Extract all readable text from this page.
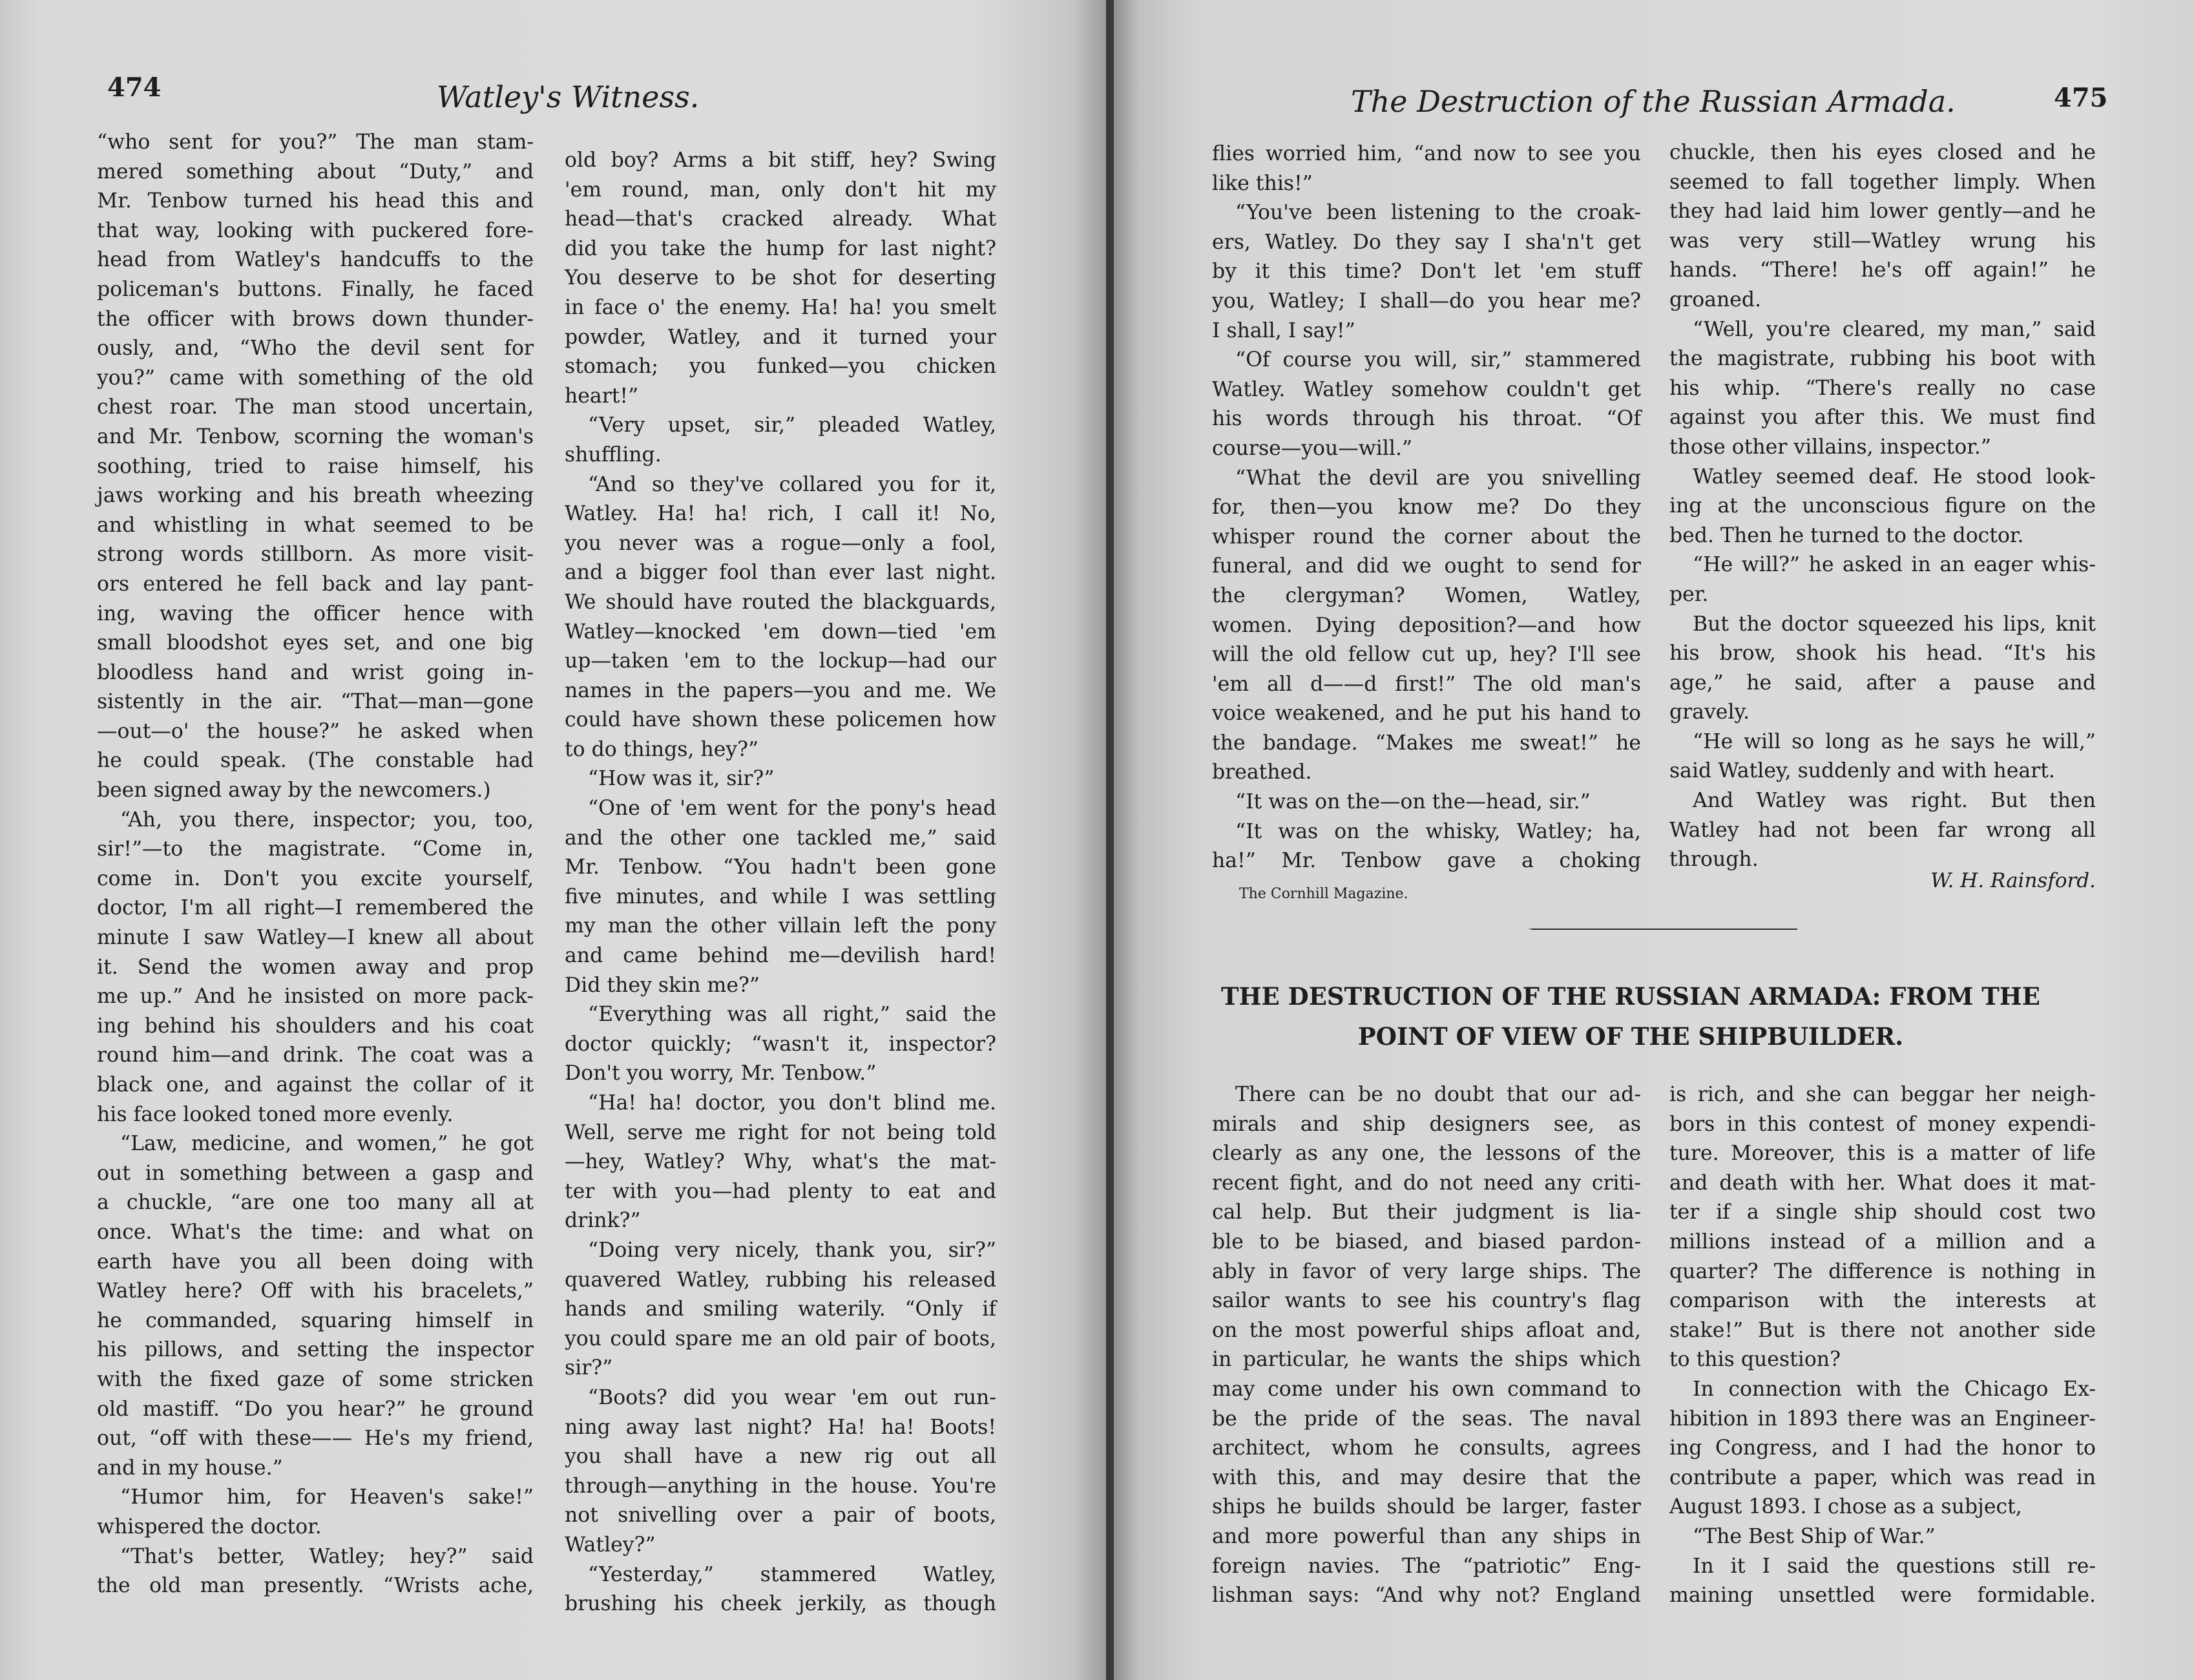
474	Watley's Witness.
“who sent for you?” The man stam-
mered something about “Duty,” and
Mr. Tenbow turned his head this and
that way, looking with puckered fore-
head from Watley's handcuffs to the
policeman's buttons. Finally, he faced
the officer with brows down thunder-
ously, and, “Who the devil sent for
you?” came with something of the old
chest roar. The man stood uncertain,
and Mr. Tenbow, scorning the woman's
soothing, tried to raise himself, his
jaws working and his breath wheezing
and whistling in what seemed to be
strong words stillborn. As more visit-
ors entered he fell back and lay pant-
ing, waving the officer hence with
small bloodshot eyes set, and one big
bloodless hand and wrist going in-
sistently in the air. “That—man—gone
—out—o' the house?” he asked when
he could speak. (The constable had
been signed away by the newcomers.)
“Ah, you there, inspector; you, too,
sir!”—to the magistrate. “Come in,
come in. Don't you excite yourself,
doctor, I'm all right—I remembered the
minute I saw Watley—I knew all about
it. Send the women away and prop
me up.” And he insisted on more pack-
ing behind his shoulders and his coat
round him—and drink. The coat was a
black one, and against the collar of it
his face looked toned more evenly.
“Law, medicine, and women,” he got
out in something between a gasp and
a chuckle, “are one too many all at
once. What's the time: and what on
earth have you all been doing with
Watley here? Off with his bracelets,”
he commanded, squaring himself in
his pillows, and setting the inspector
with the fixed gaze of some stricken
old mastiff. “Do you hear?” he ground
out, “off with these—— He's my friend,
and in my house.”
“Humor him, for Heaven's sake!”
whispered the doctor.
“That's better, Watley; hey?” said
the old man presently. “Wrists ache,
old boy? Arms a bit stiff, hey? Swing
'em round, man, only don't hit my
head—that's cracked already. What
did you take the hump for last night?
You deserve to be shot for deserting
in face o' the enemy. Ha! ha! you smelt
powder, Watley, and it turned your
stomach; you funked—you chicken
heart!”
“Very upset, sir,” pleaded Watley,
shuffling.
“And so they've collared you for it,
Watley. Ha! ha! rich, I call it! No,
you never was a rogue—only a fool,
and a bigger fool than ever last night.
We should have routed the blackguards,
Watley—knocked 'em down—tied 'em
up—taken 'em to the lockup—had our
names in the papers—you and me. We
could have shown these policemen how
to do things, hey?”
“How was it, sir?”
“One of 'em went for the pony's head
and the other one tackled me,” said
Mr. Tenbow. “You hadn't been gone
five minutes, and while I was settling
my man the other villain left the pony
and came behind me—devilish hard!
Did they skin me?”
“Everything was all right,” said the
doctor quickly; “wasn't it, inspector?
Don't you worry, Mr. Tenbow.”
“Ha! ha! doctor, you don't blind me.
Well, serve me right for not being told
—hey, Watley? Why, what's the mat-
ter with you—had plenty to eat and
drink?”
“Doing very nicely, thank you, sir?”
quavered Watley, rubbing his released
hands and smiling waterily. “Only if
you could spare me an old pair of boots,
sir?”
“Boots? did you wear 'em out run-
ning away last night? Ha! ha! Boots!
you shall have a new rig out all
through—anything in the house. You're
not snivelling over a pair of boots,
Watley?”
“Yesterday,” stammered Watley,
brushing his cheek jerkily, as though
The Destruction of the Russian Armada.	475
flies worried him, “and now to see you
like this!”
“You've been listening to the croak-
ers, Watley. Do they say I sha'n't get
by it this time? Don't let 'em stuff
you, Watley; I shall—do you hear me?
I shall, I say!”
“Of course you will, sir,” stammered
Watley. Watley somehow couldn't get
his words through his throat. “Of
course—you—will.”
“What the devil are you snivelling
for, then—you know me? Do they
whisper round the corner about the
funeral, and did we ought to send for
the clergyman? Women, Watley,
women. Dying deposition?—and how
will the old fellow cut up, hey? I'll see
'em all d——d first!” The old man's
voice weakened, and he put his hand to
the bandage. “Makes me sweat!” he
breathed.
“It was on the—on the—head, sir.”
“It was on the whisky, Watley; ha,
ha!” Mr. Tenbow gave a choking
The Cornhill Magazine.
chuckle, then his eyes closed and he
seemed to fall together limply. When
they had laid him lower gently—and he
was very still—Watley wrung his
hands. “There! he's off again!” he
groaned.
“Well, you're cleared, my man,” said
the magistrate, rubbing his boot with
his whip. “There's really no case
against you after this. We must find
those other villains, inspector.”
Watley seemed deaf. He stood look-
ing at the unconscious figure on the
bed. Then he turned to the doctor.
“He will?” he asked in an eager whis-
per.
But the doctor squeezed his lips, knit
his brow, shook his head. “It's his
age,” he said, after a pause and
gravely.
“He will so long as he says he will,”
said Watley, suddenly and with heart.
And Watley was right. But then
Watley had not been far wrong all
through.
W. H. Rainsford.
THE DESTRUCTION OF THE RUSSIAN ARMADA: FROM THE
POINT OF VIEW OF THE SHIPBUILDER.
There can be no doubt that our ad-
mirals and ship designers see, as
clearly as any one, the lessons of the
recent fight, and do not need any criti-
cal help. But their judgment is lia-
ble to be biased, and biased pardon-
ably in favor of very large ships. The
sailor wants to see his country's flag
on the most powerful ships afloat and,
in particular, he wants the ships which
may come under his own command to
be the pride of the seas. The naval
architect, whom he consults, agrees
with this, and may desire that the
ships he builds should be larger, faster
and more powerful than any ships in
foreign navies. The “patriotic” Eng-
lishman says: “And why not? England
is rich, and she can beggar her neigh-
bors in this contest of money expendi-
ture. Moreover, this is a matter of life
and death with her. What does it mat-
ter if a single ship should cost two
millions instead of a million and a
quarter? The difference is nothing in
comparison with the interests at
stake!” But is there not another side
to this question?
In connection with the Chicago Ex-
hibition in 1893 there was an Engineer-
ing Congress, and I had the honor to
contribute a paper, which was read in
August 1893. I chose as a subject,
“The Best Ship of War.”
In it I said the questions still re-
maining unsettled were formidable.
